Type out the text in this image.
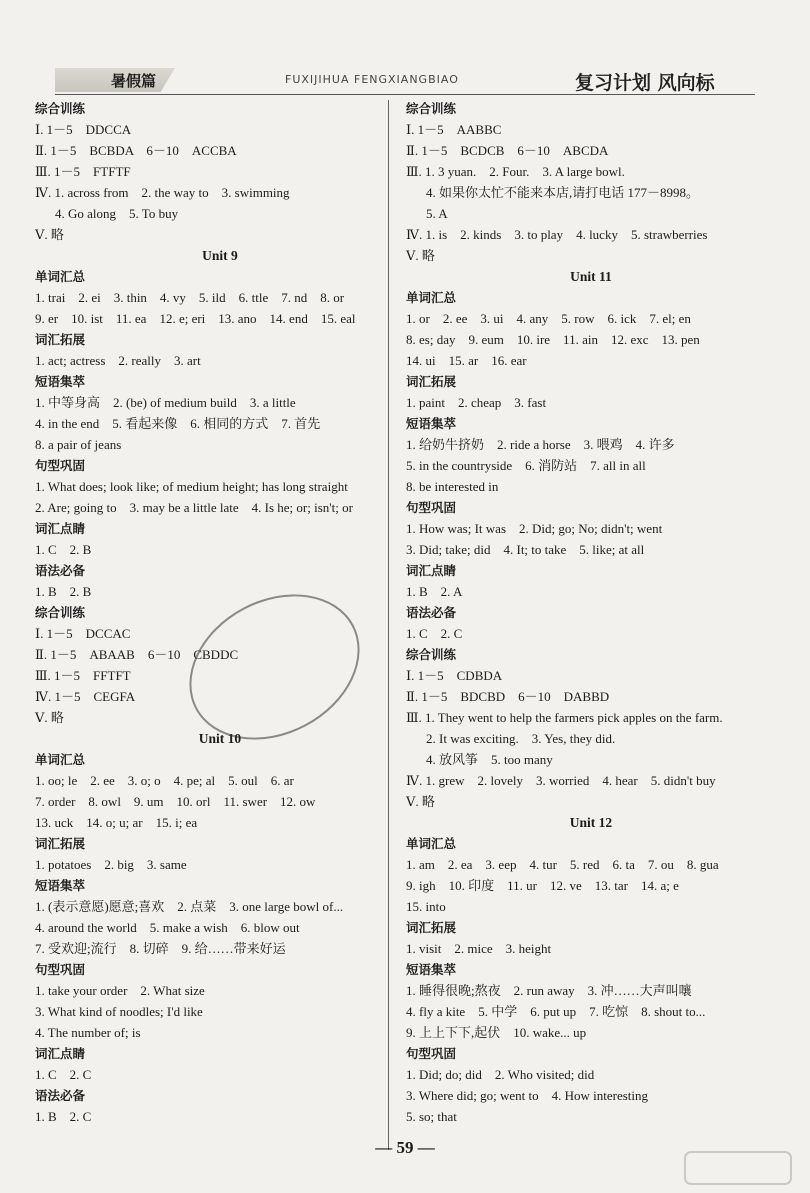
暑假篇	FUXIJIHUA FENGXIANGBIAO	复习计划 风向标
综合训练
Ⅰ. 1－5　DDCCA
Ⅱ. 1－5　BCBDA　6－10　ACCBA
Ⅲ. 1－5　FTFTF
Ⅳ. 1. across from　2. the way to　3. swimming
4. Go along　5. To buy
Ⅴ. 略
Unit 9
单词汇总
1. trai　2. ei　3. thin　4. vy　5. ild　6. ttle　7. nd　8. or
9. er　10. ist　11. ea　12. e; eri　13. ano　14. end　15. eal
词汇拓展
1. act; actress　2. really　3. art
短语集萃
1. 中等身高　2. (be) of medium build　3. a little
4. in the end　5. 看起来像　6. 相同的方式　7. 首先
8. a pair of jeans
句型巩固
1. What does; look like; of medium height; has long straight
2. Are; going to　3. may be a little late　4. Is he; or; isn't; or
词汇点睛
1. C　2. B
语法必备
1. B　2. B
综合训练
Ⅰ. 1－5　DCCAC
Ⅱ. 1－5　ABAAB　6－10　CBDDC
Ⅲ. 1－5　FFTFT
Ⅳ. 1－5　CEGFA
Ⅴ. 略
Unit 10
单词汇总
1. oo; le　2. ee　3. o; o　4. pe; al　5. oul　6. ar
7. order　8. owl　9. um　10. orl　11. swer　12. ow
13. uck　14. o; u; ar　15. i; ea
词汇拓展
1. potatoes　2. big　3. same
短语集萃
1. (表示意愿)愿意;喜欢　2. 点菜　3. one large bowl of...
4. around the world　5. make a wish　6. blow out
7. 受欢迎;流行　8. 切碎　9. 给……带来好运
句型巩固
1. take your order　2. What size
3. What kind of noodles; I'd like
4. The number of; is
词汇点睛
1. C　2. C
语法必备
1. B　2. C
综合训练
Ⅰ. 1－5　AABBC
Ⅱ. 1－5　BCDCB　6－10　ABCDA
Ⅲ. 1. 3 yuan.　2. Four.　3. A large bowl.
4. 如果你太忙不能来本店,请打电话 177－8998。
5. A
Ⅳ. 1. is　2. kinds　3. to play　4. lucky　5. strawberries
Ⅴ. 略
Unit 11
单词汇总
1. or　2. ee　3. ui　4. any　5. row　6. ick　7. el; en
8. es; day　9. eum　10. ire　11. ain　12. exc　13. pen
14. ui　15. ar　16. ear
词汇拓展
1. paint　2. cheap　3. fast
短语集萃
1. 给奶牛挤奶　2. ride a horse　3. 喂鸡　4. 许多
5. in the countryside　6. 消防站　7. all in all
8. be interested in
句型巩固
1. How was; It was　2. Did; go; No; didn't; went
3. Did; take; did　4. It; to take　5. like; at all
词汇点睛
1. B　2. A
语法必备
1. C　2. C
综合训练
Ⅰ. 1－5　CDBDA
Ⅱ. 1－5　BDCBD　6－10　DABBD
Ⅲ. 1. They went to help the farmers pick apples on the farm.
2. It was exciting.　3. Yes, they did.
4. 放风筝　5. too many
Ⅳ. 1. grew　2. lovely　3. worried　4. hear　5. didn't buy
Ⅴ. 略
Unit 12
单词汇总
1. am　2. ea　3. eep　4. tur　5. red　6. ta　7. ou　8. gua
9. igh　10. 印度　11. ur　12. ve　13. tar　14. a; e
15. into
词汇拓展
1. visit　2. mice　3. height
短语集萃
1. 睡得很晚;熬夜　2. run away　3. 冲……大声叫嚷
4. fly a kite　5. 中学　6. put up　7. 吃惊　8. shout to...
9. 上上下下,起伏　10. wake... up
句型巩固
1. Did; do; did　2. Who visited; did
3. Where did; go; went to　4. How interesting
5. so; that
— 59 —
